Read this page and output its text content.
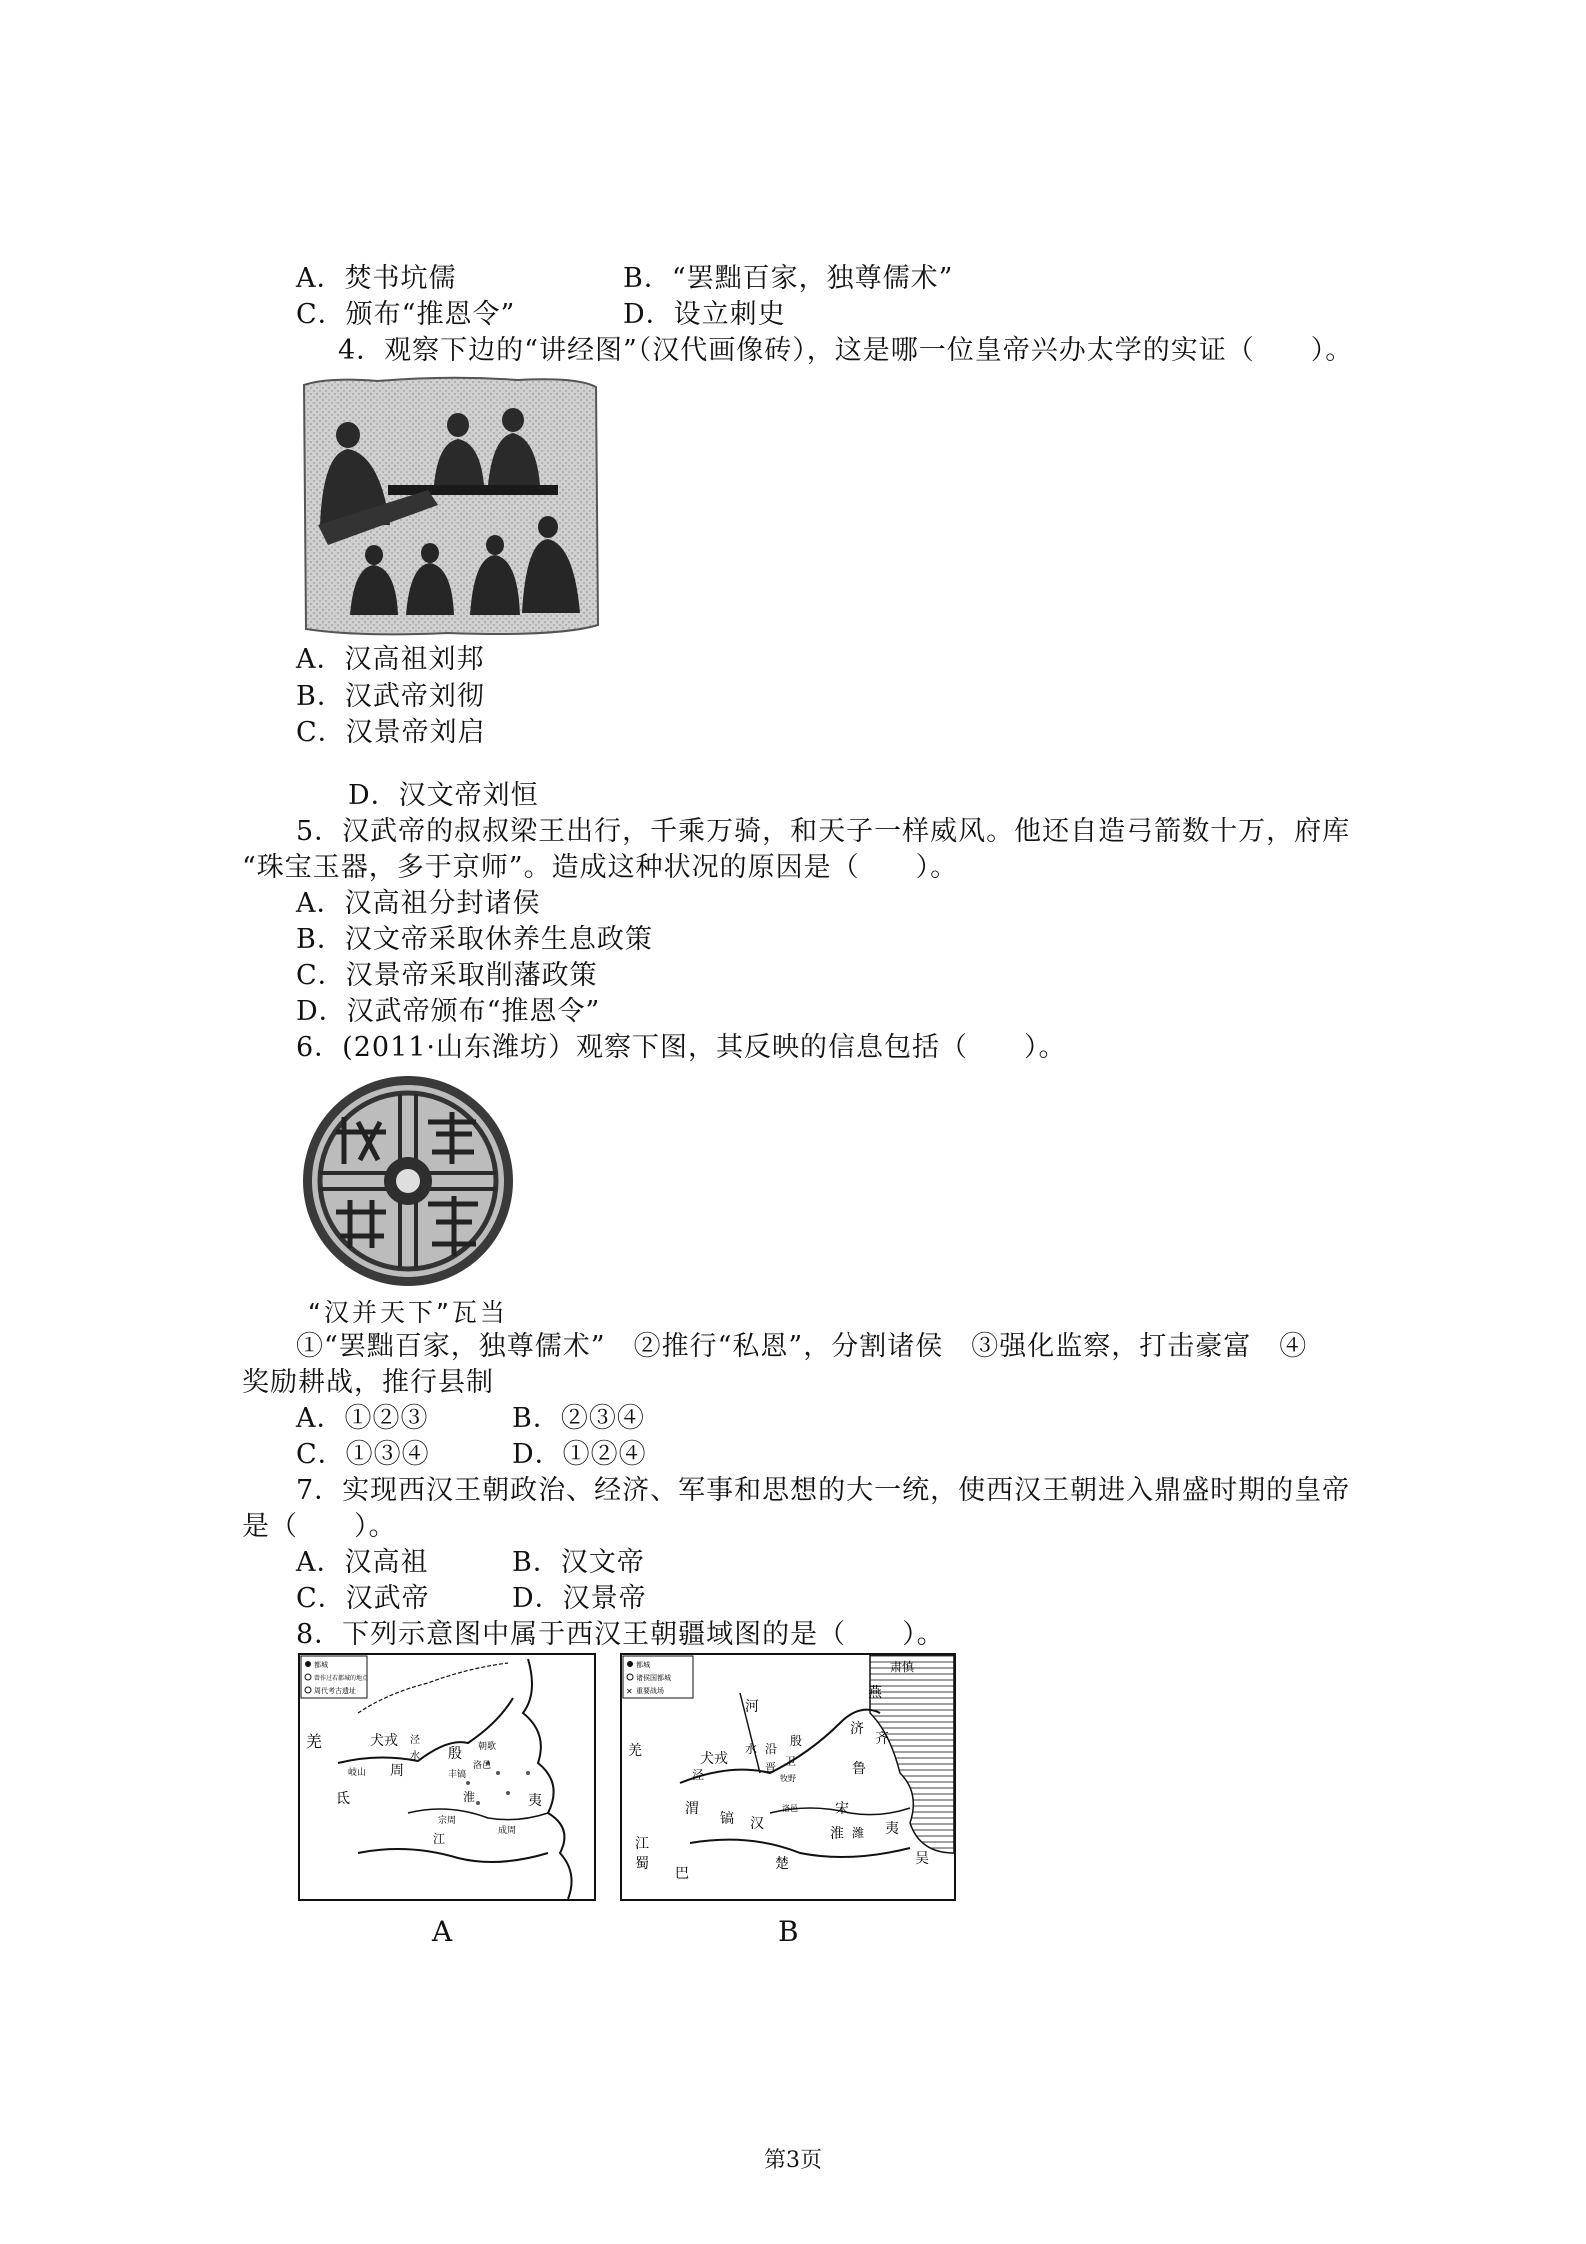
A．焚书坑儒	B．“罢黜百家，独尊儒术”
C．颁布“推恩令”	D．设立刺史
4．观察下边的“讲经图”（汉代画像砖），这是哪一位皇帝兴办太学的实证（　　）。
A．汉高祖刘邦
B．汉武帝刘彻
C．汉景帝刘启
D．汉文帝刘恒
5．汉武帝的叔叔梁王出行，千乘万骑，和天子一样威风。他还自造弓箭数十万，府库
“珠宝玉器，多于京师”。造成这种状况的原因是（　　）。
A．汉高祖分封诸侯
B．汉文帝采取休养生息政策
C．汉景帝采取削藩政策
D．汉武帝颁布“推恩令”
6．(2011·山东潍坊）观察下图，其反映的信息包括（　　）。
“汉并天下”瓦当
①“罢黜百家，独尊儒术”　②推行“私恩”，分割诸侯　③强化监察，打击豪富　④
奖励耕战，推行县制
A．①②③	B．②③④
C．①③④	D．①②④
7．实现西汉王朝政治、经济、军事和思想的大一统，使西汉王朝进入鼎盛时期的皇帝
是（　　）。
A．汉高祖	B．汉文帝
C．汉武帝	D．汉景帝
8．下列示意图中属于西汉王朝疆域图的是（　　）。
都城
曾作过若都城的地点
周代考古遗址
羌	犬戎
周
泾
水 殷 朝歌
洛邑
岐山
氐	淮	夷
江
丰镐
宗周
成周
A
都城
诸侯国都城
✕ 重要战场
肃慎
燕
羌
河
犬戎
泾
水 沿
卫
晋
牧野
济
齐
鲁
殷
渭
镐 汉
洛邑	宋
淮	夷
江
蜀
巴
楚	吴
潍
B
第3页
